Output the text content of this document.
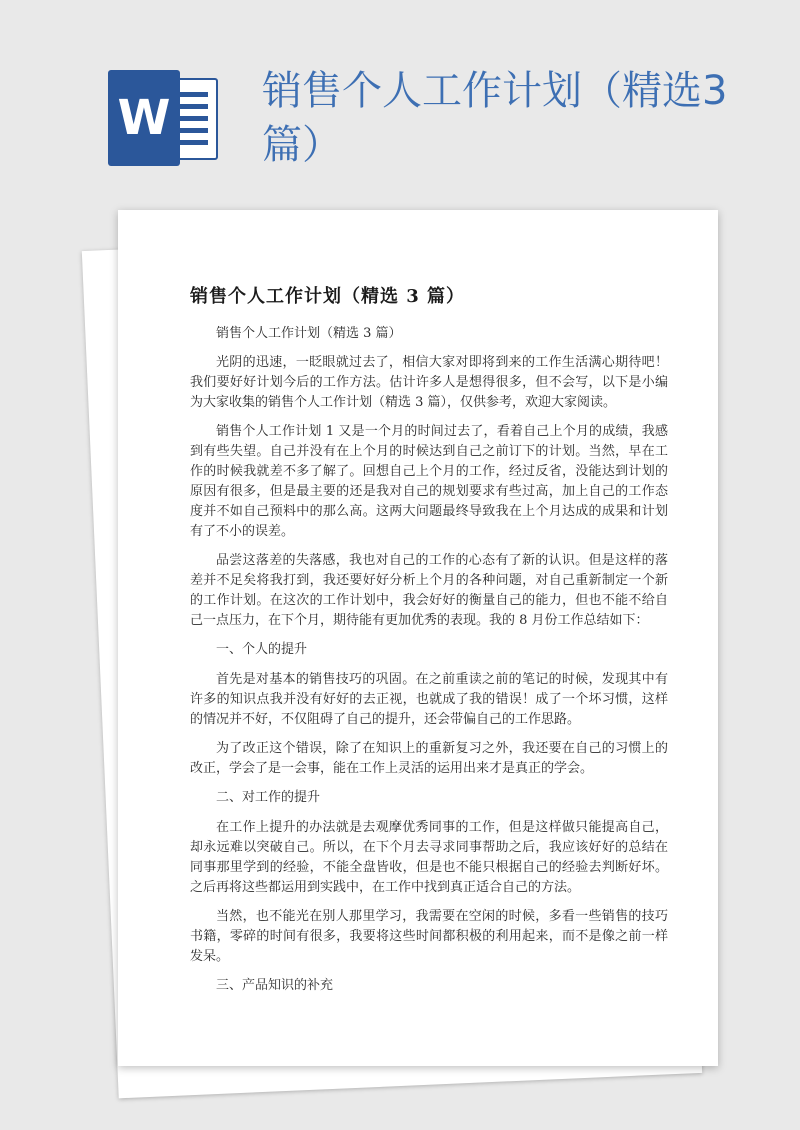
W 销售个人工作计划（精选3篇）
销售个人工作计划（精选 3 篇）

销售个人工作计划（精选 3 篇）

光阴的迅速，一眨眼就过去了，相信大家对即将到来的工作生活满心期待吧！我们要好好计划今后的工作方法。估计许多人是想得很多，但不会写，以下是小编为大家收集的销售个人工作计划（精选 3 篇），仅供参考，欢迎大家阅读。

销售个人工作计划 1 又是一个月的时间过去了，看着自己上个月的成绩，我感到有些失望。自己并没有在上个月的时候达到自己之前订下的计划。当然，早在工作的时候我就差不多了解了。回想自己上个月的工作，经过反省，没能达到计划的原因有很多，但是最主要的还是我对自己的规划要求有些过高，加上自己的工作态度并不如自己预料中的那么高。这两大问题最终导致我在上个月达成的成果和计划有了不小的误差。

品尝这落差的失落感，我也对自己的工作的心态有了新的认识。但是这样的落差并不足矣将我打到，我还要好好分析上个月的各种问题，对自己重新制定一个新的工作计划。在这次的工作计划中，我会好好的衡量自己的能力，但也不能不给自己一点压力，在下个月，期待能有更加优秀的表现。我的 8 月份工作总结如下：

一、个人的提升

首先是对基本的销售技巧的巩固。在之前重读之前的笔记的时候，发现其中有许多的知识点我并没有好好的去正视，也就成了我的错误！成了一个坏习惯，这样的情况并不好，不仅阻碍了自己的提升，还会带偏自己的工作思路。

为了改正这个错误，除了在知识上的重新复习之外，我还要在自己的习惯上的改正，学会了是一会事，能在工作上灵活的运用出来才是真正的学会。

二、对工作的提升

在工作上提升的办法就是去观摩优秀同事的工作，但是这样做只能提高自己，却永远难以突破自己。所以，在下个月去寻求同事帮助之后，我应该好好的总结在同事那里学到的经验，不能全盘皆收，但是也不能只根据自己的经验去判断好坏。之后再将这些都运用到实践中，在工作中找到真正适合自己的方法。

当然，也不能光在别人那里学习，我需要在空闲的时候，多看一些销售的技巧书籍，零碎的时间有很多，我要将这些时间都积极的利用起来，而不是像之前一样发呆。

三、产品知识的补充
